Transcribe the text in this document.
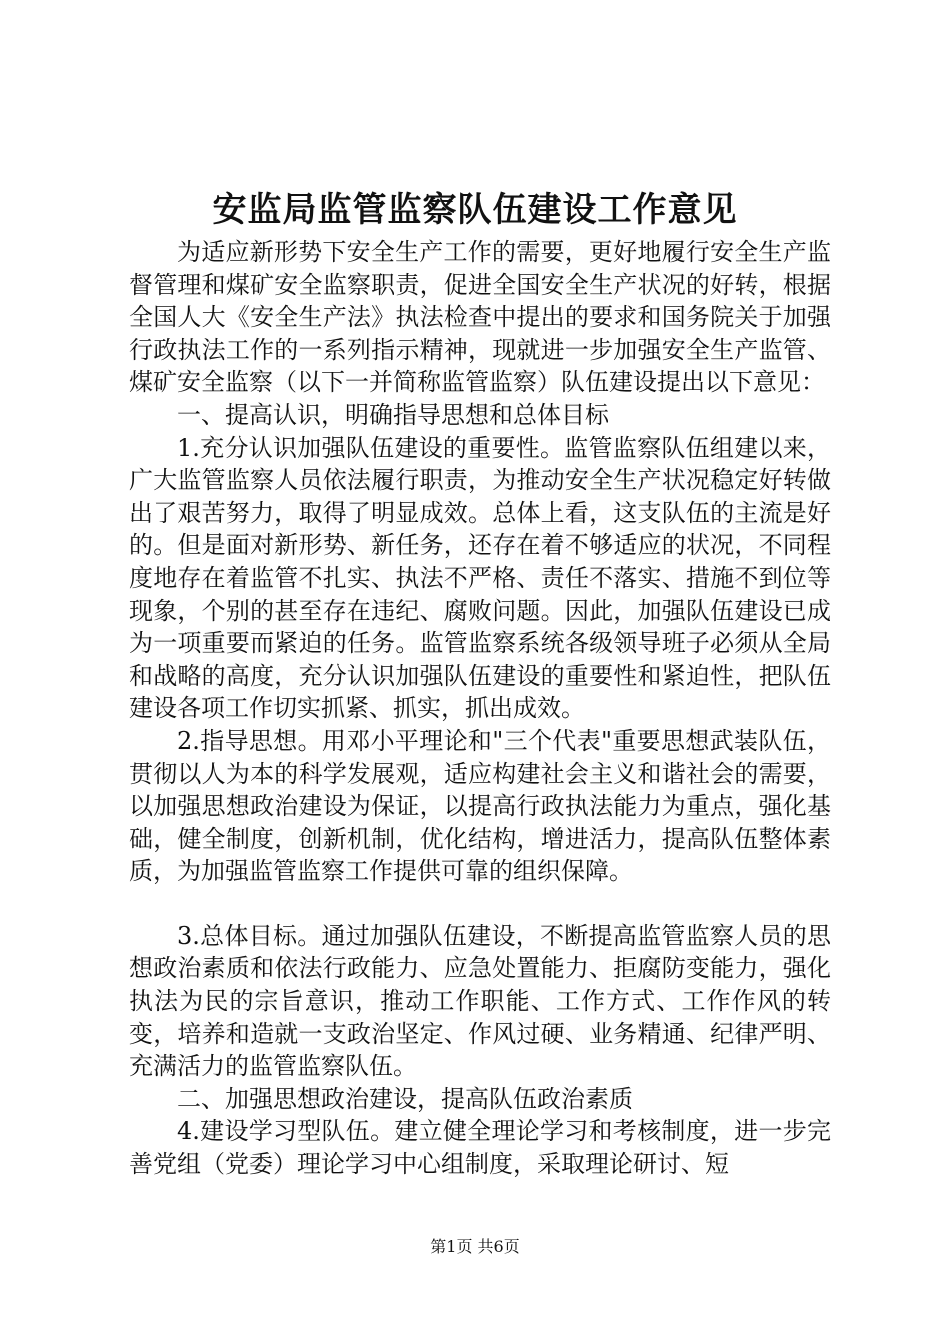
安监局监管监察队伍建设工作意见

为适应新形势下安全生产工作的需要，更好地履行安全生产监督管理和煤矿安全监察职责，促进全国安全生产状况的好转，根据全国人大《安全生产法》执法检查中提出的要求和国务院关于加强行政执法工作的一系列指示精神，现就进一步加强安全生产监管、煤矿安全监察（以下一并简称监管监察）队伍建设提出以下意见：

一、提高认识，明确指导思想和总体目标

1.充分认识加强队伍建设的重要性。监管监察队伍组建以来，广大监管监察人员依法履行职责，为推动安全生产状况稳定好转做出了艰苦努力，取得了明显成效。总体上看，这支队伍的主流是好的。但是面对新形势、新任务，还存在着不够适应的状况，不同程度地存在着监管不扎实、执法不严格、责任不落实、措施不到位等现象，个别的甚至存在违纪、腐败问题。因此，加强队伍建设已成为一项重要而紧迫的任务。监管监察系统各级领导班子必须从全局和战略的高度，充分认识加强队伍建设的重要性和紧迫性，把队伍建设各项工作切实抓紧、抓实，抓出成效。

2.指导思想。用邓小平理论和"三个代表"重要思想武装队伍，贯彻以人为本的科学发展观，适应构建社会主义和谐社会的需要，以加强思想政治建设为保证，以提高行政执法能力为重点，强化基础，健全制度，创新机制，优化结构，增进活力，提高队伍整体素质，为加强监管监察工作提供可靠的组织保障。

3.总体目标。通过加强队伍建设，不断提高监管监察人员的思想政治素质和依法行政能力、应急处置能力、拒腐防变能力，强化执法为民的宗旨意识，推动工作职能、工作方式、工作作风的转变，培养和造就一支政治坚定、作风过硬、业务精通、纪律严明、充满活力的监管监察队伍。

二、加强思想政治建设，提高队伍政治素质

4.建设学习型队伍。建立健全理论学习和考核制度，进一步完善党组（党委）理论学习中心组制度，采取理论研讨、短

第1页 共6页
